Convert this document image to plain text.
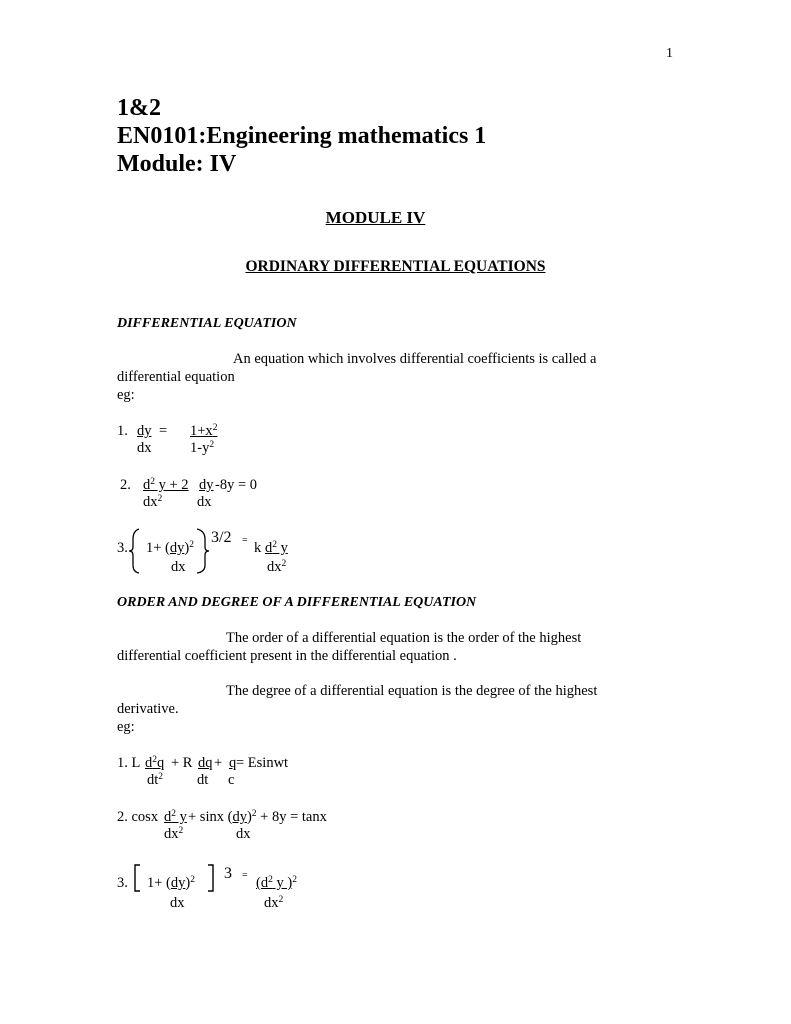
1
1&2
EN0101:Engineering mathematics 1
Module: IV
MODULE IV
ORDINARY DIFFERENTIAL EQUATIONS
DIFFERENTIAL EQUATION
An equation which involves differential coefficients is called a
differential equation
eg:
1. dy = $1+x^2$
dx	$1-y^2$
2. $d^2$ y + 2 dy -8y = 0
$dx^2$ dx
3. 1+ (dy)$^2$ 3/2 = k $d^2$ y
dx	$dx^2$
ORDER AND DEGREE OF A DIFFERENTIAL EQUATION
The order of a differential equation is the order of the highest
differential coefficient present in the differential equation .
The degree of a differential equation is the degree of the highest
derivative.
eg:
1. L $d^2q + R$ dq + q = Esinwt
$dt^2$ dt c
2. cosx $d^2$ y + sinx (dy)$^2$ + 8y = tanx
$dx^2$	dx
3. 1+ (dy)$^2$ $3 = (d^2$ y )$^2$
dx	$dx^2$
